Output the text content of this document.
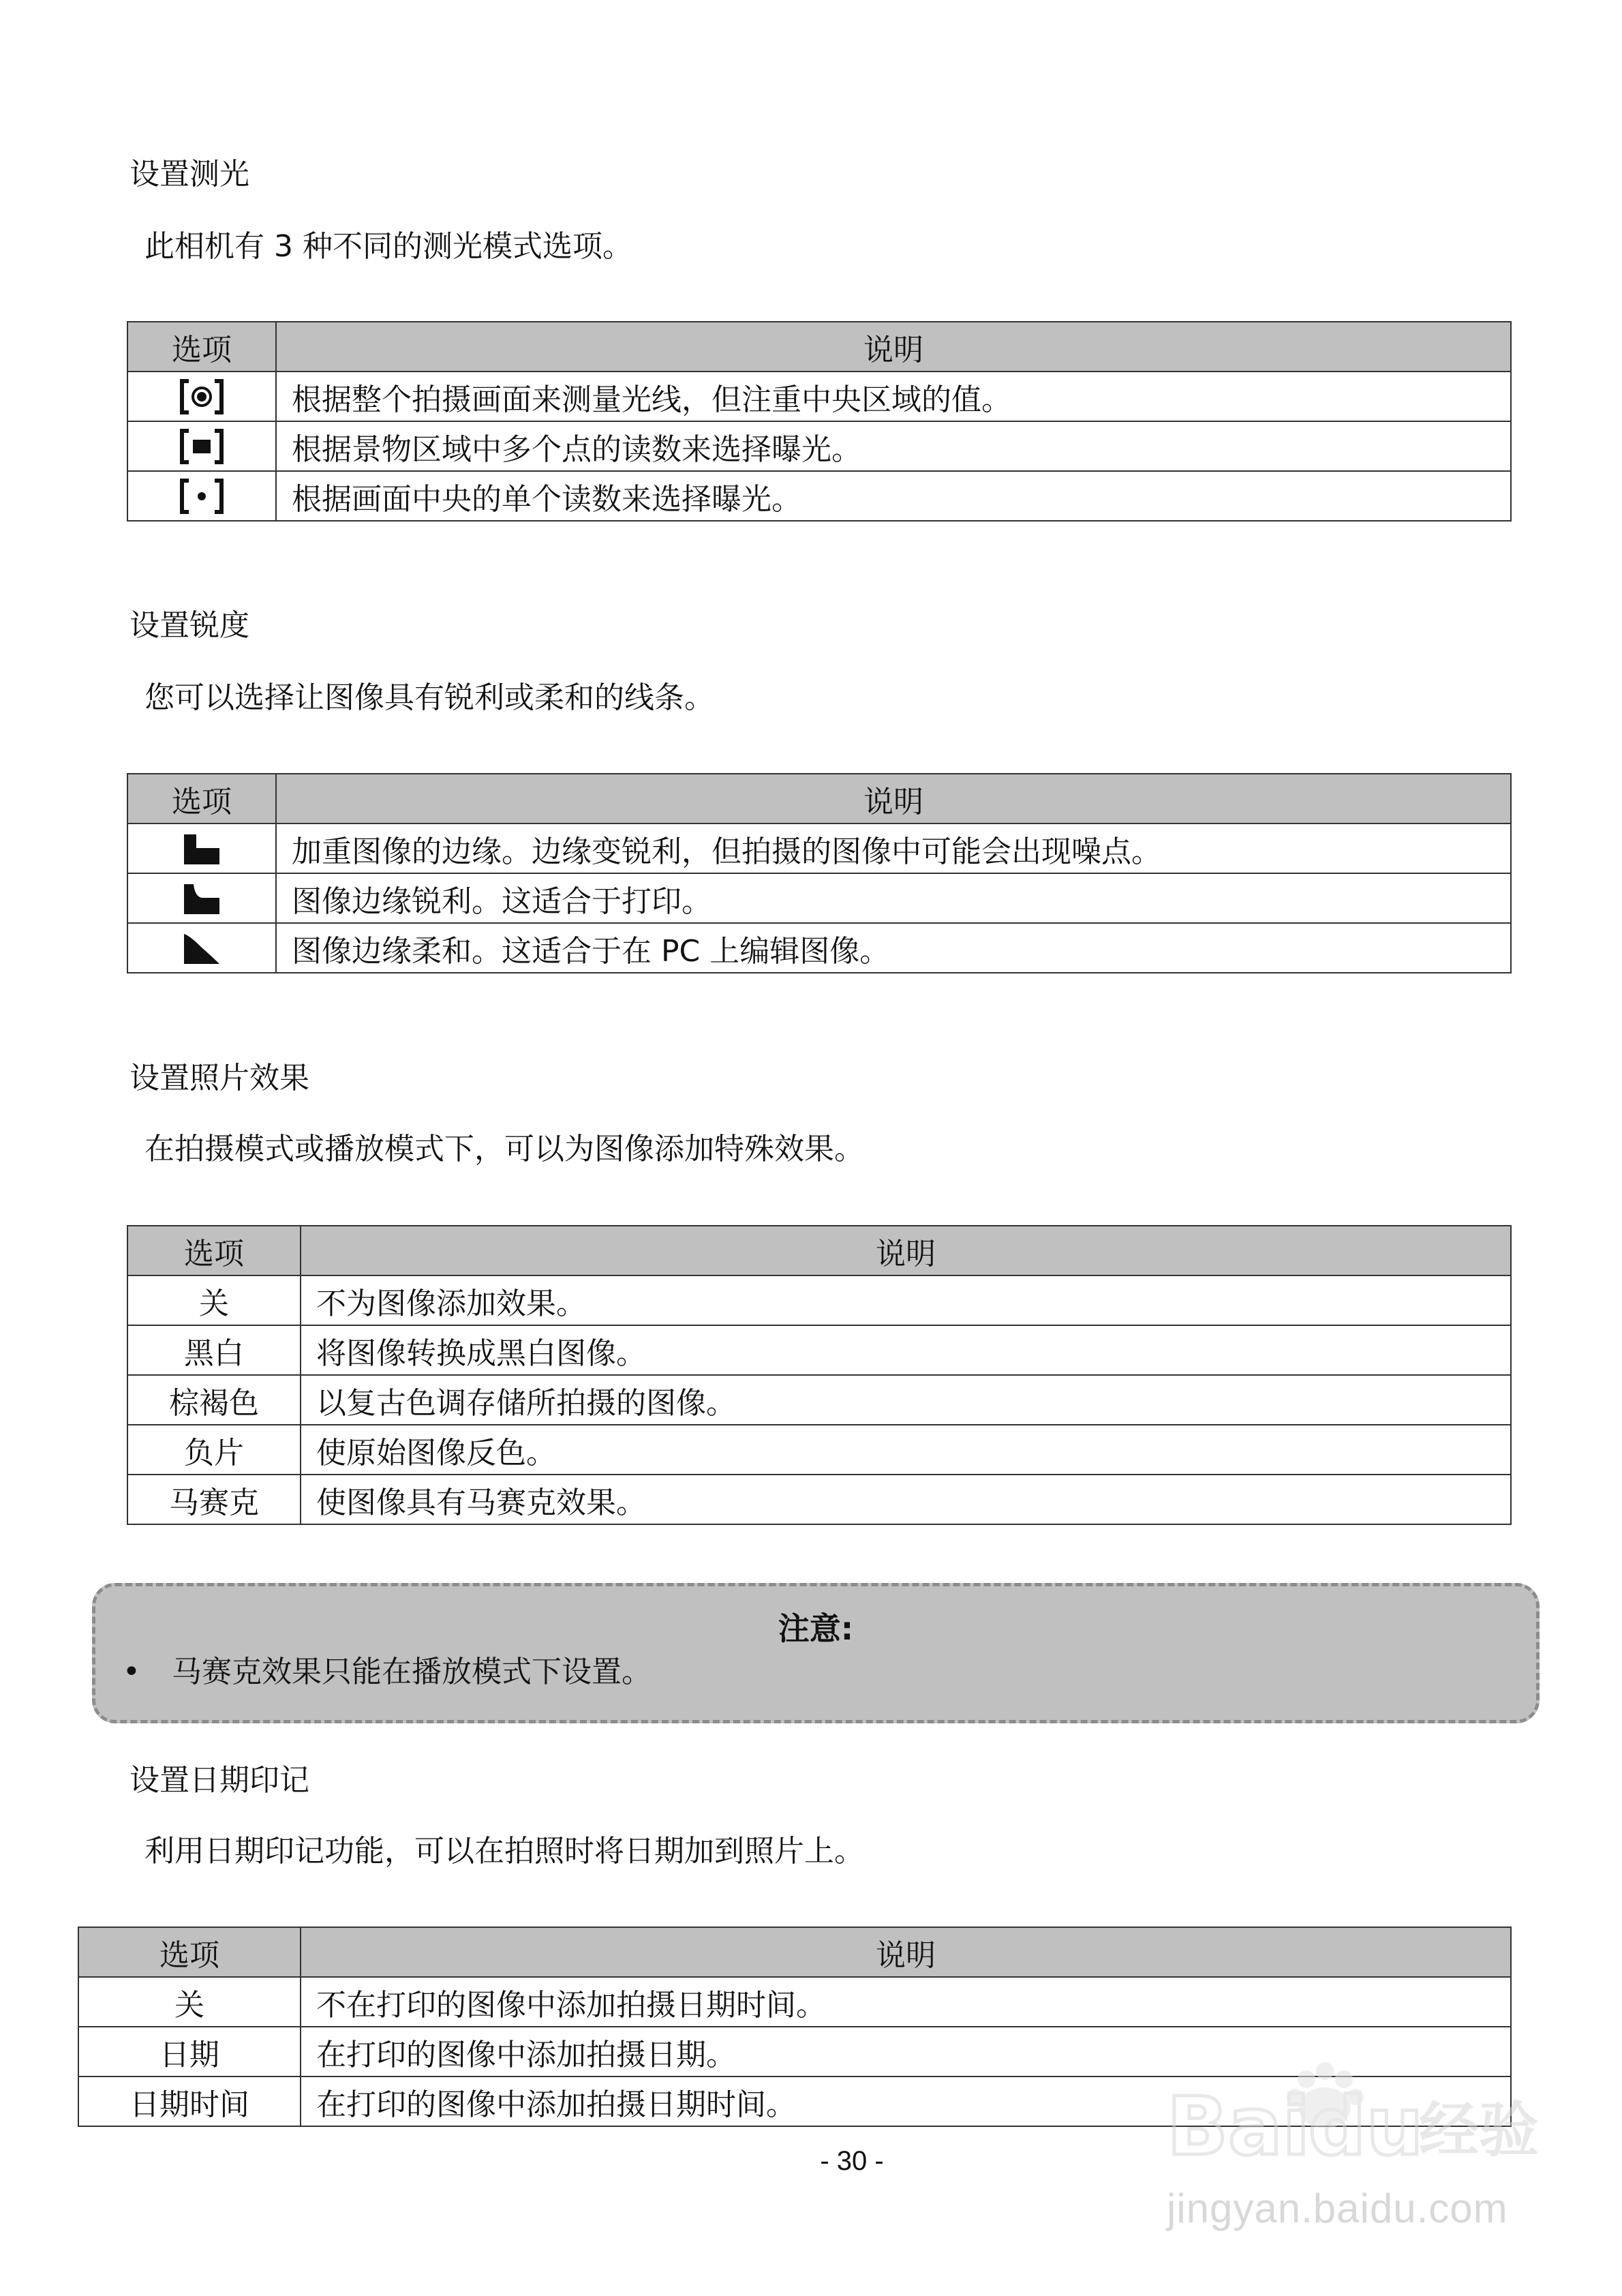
设置测光
此相机有 3 种不同的测光模式选项。
选项	说明
	根据整个拍摄画面来测量光线，但注重中央区域的值。
	根据景物区域中多个点的读数来选择曝光。
	根据画面中央的单个读数来选择曝光。
设置锐度
您可以选择让图像具有锐利或柔和的线条。
选项	说明
	加重图像的边缘。边缘变锐利，但拍摄的图像中可能会出现噪点。
	图像边缘锐利。这适合于打印。
	图像边缘柔和。这适合于在 PC 上编辑图像。
设置照片效果
在拍摄模式或播放模式下，可以为图像添加特殊效果。
选项	说明
关	不为图像添加效果。
黑白	将图像转换成黑白图像。
棕褐色	以复古色调存储所拍摄的图像。
负片	使原始图像反色。
马赛克	使图像具有马赛克效果。
注意:
• 马赛克效果只能在播放模式下设置。
设置日期印记
利用日期印记功能，可以在拍照时将日期加到照片上。
选项	说明
关	不在打印的图像中添加拍摄日期时间。
日期	在打印的图像中添加拍摄日期。
日期时间	在打印的图像中添加拍摄日期时间。
- 30 -	Bai
du
经验
jingyan.baidu.com
